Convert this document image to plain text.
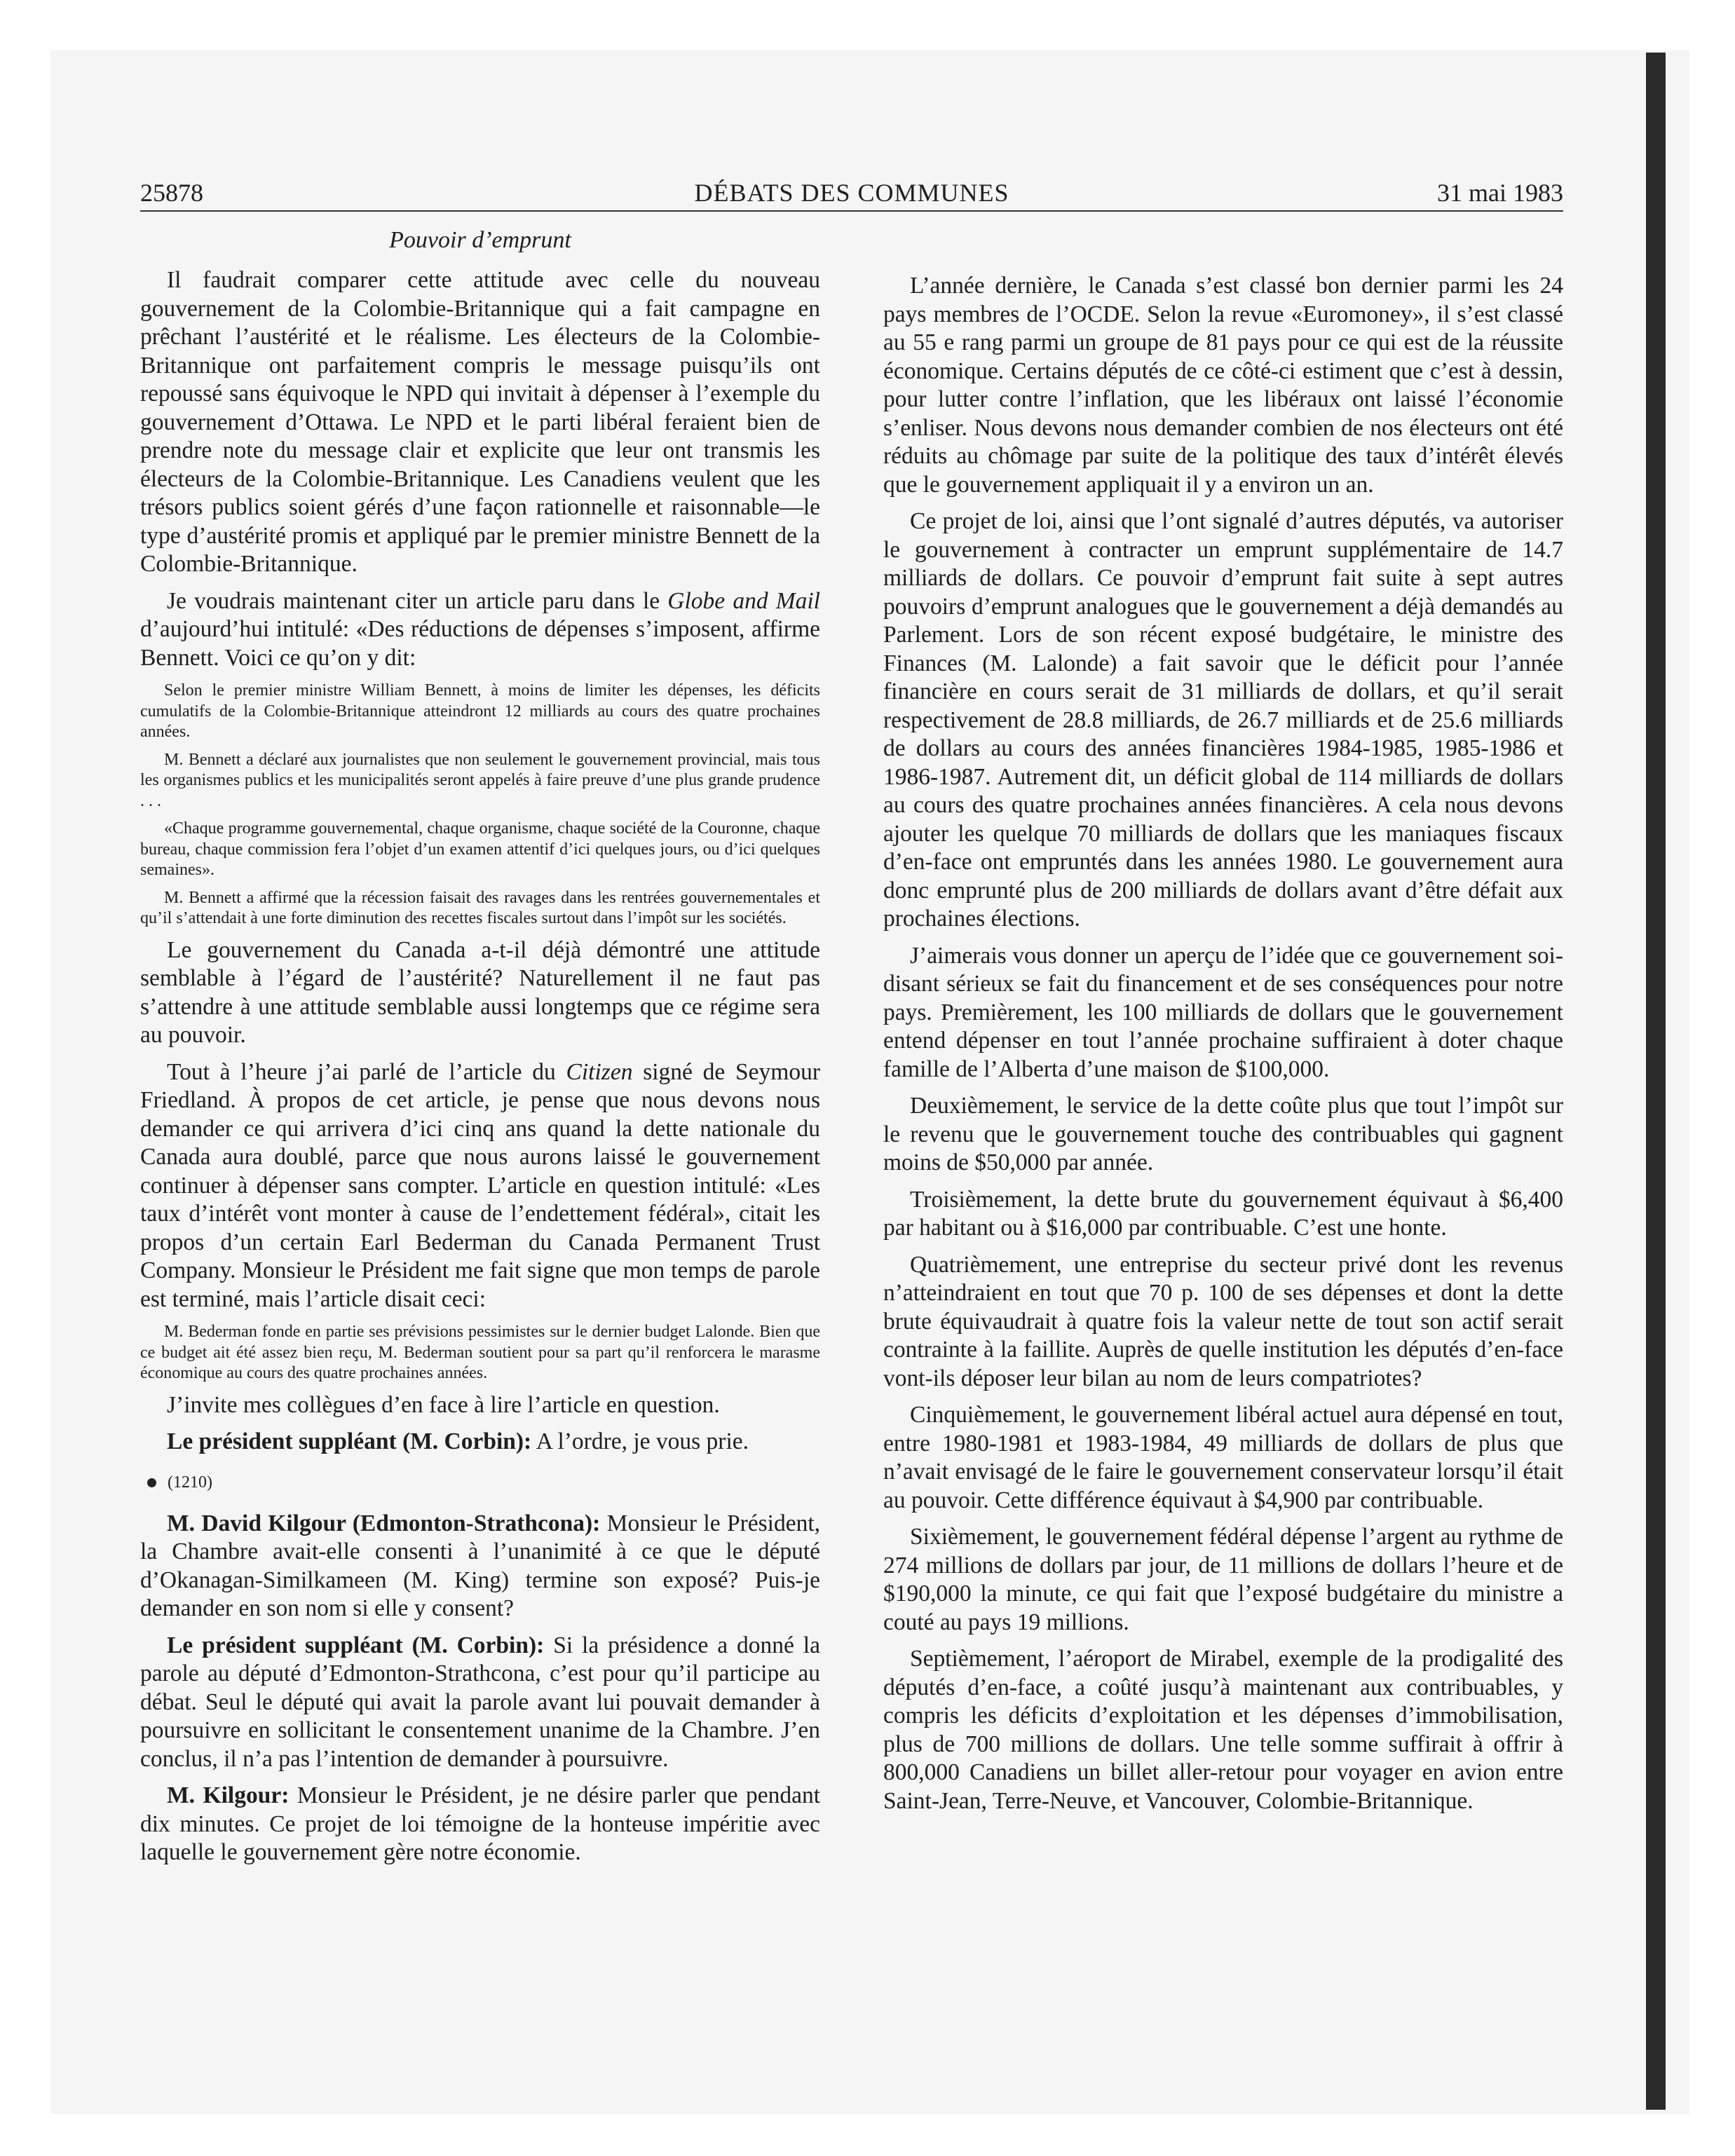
25878	DÉBATS DES COMMUNES	31 mai 1983
Pouvoir d’emprunt

Il faudrait comparer cette attitude avec celle du nouveau gouvernement de la Colombie-Britannique qui a fait campagne en prêchant l’austérité et le réalisme. Les électeurs de la Colombie-Britannique ont parfaitement compris le message puisqu’ils ont repoussé sans équivoque le NPD qui invitait à dépenser à l’exemple du gouvernement d’Ottawa. Le NPD et le parti libéral feraient bien de prendre note du message clair et explicite que leur ont transmis les électeurs de la Colombie-Britannique. Les Canadiens veulent que les trésors publics soient gérés d’une façon rationnelle et raisonnable—le type d’austérité promis et appliqué par le premier ministre Bennett de la Colombie-Britannique.

Je voudrais maintenant citer un article paru dans le Globe and Mail d’aujourd’hui intitulé: «Des réductions de dépenses s’imposent, affirme Bennett. Voici ce qu’on y dit:

Selon le premier ministre William Bennett, à moins de limiter les dépenses, les déficits cumulatifs de la Colombie-Britannique atteindront 12 milliards au cours des quatre prochaines années.
M. Bennett a déclaré aux journalistes que non seulement le gouvernement provincial, mais tous les organismes publics et les municipalités seront appelés à faire preuve d’une plus grande prudence . . .
«Chaque programme gouvernemental, chaque organisme, chaque société de la Couronne, chaque bureau, chaque commission fera l’objet d’un examen attentif d’ici quelques jours, ou d’ici quelques semaines».
M. Bennett a affirmé que la récession faisait des ravages dans les rentrées gouvernementales et qu’il s’attendait à une forte diminution des recettes fiscales surtout dans l’impôt sur les sociétés.

Le gouvernement du Canada a-t-il déjà démontré une attitude semblable à l’égard de l’austérité? Naturellement il ne faut pas s’attendre à une attitude semblable aussi longtemps que ce régime sera au pouvoir.

Tout à l’heure j’ai parlé de l’article du Citizen signé de Seymour Friedland. À propos de cet article, je pense que nous devons nous demander ce qui arrivera d’ici cinq ans quand la dette nationale du Canada aura doublé, parce que nous aurons laissé le gouvernement continuer à dépenser sans compter. L’article en question intitulé: «Les taux d’intérêt vont monter à cause de l’endettement fédéral», citait les propos d’un certain Earl Bederman du Canada Permanent Trust Company. Monsieur le Président me fait signe que mon temps de parole est terminé, mais l’article disait ceci:

M. Bederman fonde en partie ses prévisions pessimistes sur le dernier budget Lalonde. Bien que ce budget ait été assez bien reçu, M. Bederman soutient pour sa part qu’il renforcera le marasme économique au cours des quatre prochaines années.

J’invite mes collègues d’en face à lire l’article en question.

Le président suppléant (M. Corbin): A l’ordre, je vous prie.

(1210)

M. David Kilgour (Edmonton-Strathcona): Monsieur le Président, la Chambre avait-elle consenti à l’unanimité à ce que le député d’Okanagan-Similkameen (M. King) termine son exposé? Puis-je demander en son nom si elle y consent?

Le président suppléant (M. Corbin): Si la présidence a donné la parole au député d’Edmonton-Strathcona, c’est pour qu’il participe au débat. Seul le député qui avait la parole avant lui pouvait demander à poursuivre en sollicitant le consentement unanime de la Chambre. J’en conclus, il n’a pas l’intention de demander à poursuivre.

M. Kilgour: Monsieur le Président, je ne désire parler que pendant dix minutes. Ce projet de loi témoigne de la honteuse impéritie avec laquelle le gouvernement gère notre économie.

L’année dernière, le Canada s’est classé bon dernier parmi les 24 pays membres de l’OCDE. Selon la revue «Euromoney», il s’est classé au 55 e rang parmi un groupe de 81 pays pour ce qui est de la réussite économique. Certains députés de ce côté-ci estiment que c’est à dessin, pour lutter contre l’inflation, que les libéraux ont laissé l’économie s’enliser. Nous devons nous demander combien de nos électeurs ont été réduits au chômage par suite de la politique des taux d’intérêt élevés que le gouvernement appliquait il y a environ un an.

Ce projet de loi, ainsi que l’ont signalé d’autres députés, va autoriser le gouvernement à contracter un emprunt supplémentaire de 14.7 milliards de dollars. Ce pouvoir d’emprunt fait suite à sept autres pouvoirs d’emprunt analogues que le gouvernement a déjà demandés au Parlement. Lors de son récent exposé budgétaire, le ministre des Finances (M. Lalonde) a fait savoir que le déficit pour l’année financière en cours serait de 31 milliards de dollars, et qu’il serait respectivement de 28.8 milliards, de 26.7 milliards et de 25.6 milliards de dollars au cours des années financières 1984-1985, 1985-1986 et 1986-1987. Autrement dit, un déficit global de 114 milliards de dollars au cours des quatre prochaines années financières. A cela nous devons ajouter les quelque 70 milliards de dollars que les maniaques fiscaux d’en-face ont empruntés dans les années 1980. Le gouvernement aura donc emprunté plus de 200 milliards de dollars avant d’être défait aux prochaines élections.

J’aimerais vous donner un aperçu de l’idée que ce gouvernement soi-disant sérieux se fait du financement et de ses conséquences pour notre pays. Premièrement, les 100 milliards de dollars que le gouvernement entend dépenser en tout l’année prochaine suffiraient à doter chaque famille de l’Alberta d’une maison de $100,000.

Deuxièmement, le service de la dette coûte plus que tout l’impôt sur le revenu que le gouvernement touche des contribuables qui gagnent moins de $50,000 par année.

Troisièmement, la dette brute du gouvernement équivaut à $6,400 par habitant ou à $16,000 par contribuable. C’est une honte.

Quatrièmement, une entreprise du secteur privé dont les revenus n’atteindraient en tout que 70 p. 100 de ses dépenses et dont la dette brute équivaudrait à quatre fois la valeur nette de tout son actif serait contrainte à la faillite. Auprès de quelle institution les députés d’en-face vont-ils déposer leur bilan au nom de leurs compatriotes?

Cinquièmement, le gouvernement libéral actuel aura dépensé en tout, entre 1980-1981 et 1983-1984, 49 milliards de dollars de plus que n’avait envisagé de le faire le gouvernement conservateur lorsqu’il était au pouvoir. Cette différence équivaut à $4,900 par contribuable.

Sixièmement, le gouvernement fédéral dépense l’argent au rythme de 274 millions de dollars par jour, de 11 millions de dollars l’heure et de $190,000 la minute, ce qui fait que l’exposé budgétaire du ministre a couté au pays 19 millions.

Septièmement, l’aéroport de Mirabel, exemple de la prodigalité des députés d’en-face, a coûté jusqu’à maintenant aux contribuables, y compris les déficits d’exploitation et les dépenses d’immobilisation, plus de 700 millions de dollars. Une telle somme suffirait à offrir à 800,000 Canadiens un billet aller-retour pour voyager en avion entre Saint-Jean, Terre-Neuve, et Vancouver, Colombie-Britannique.
